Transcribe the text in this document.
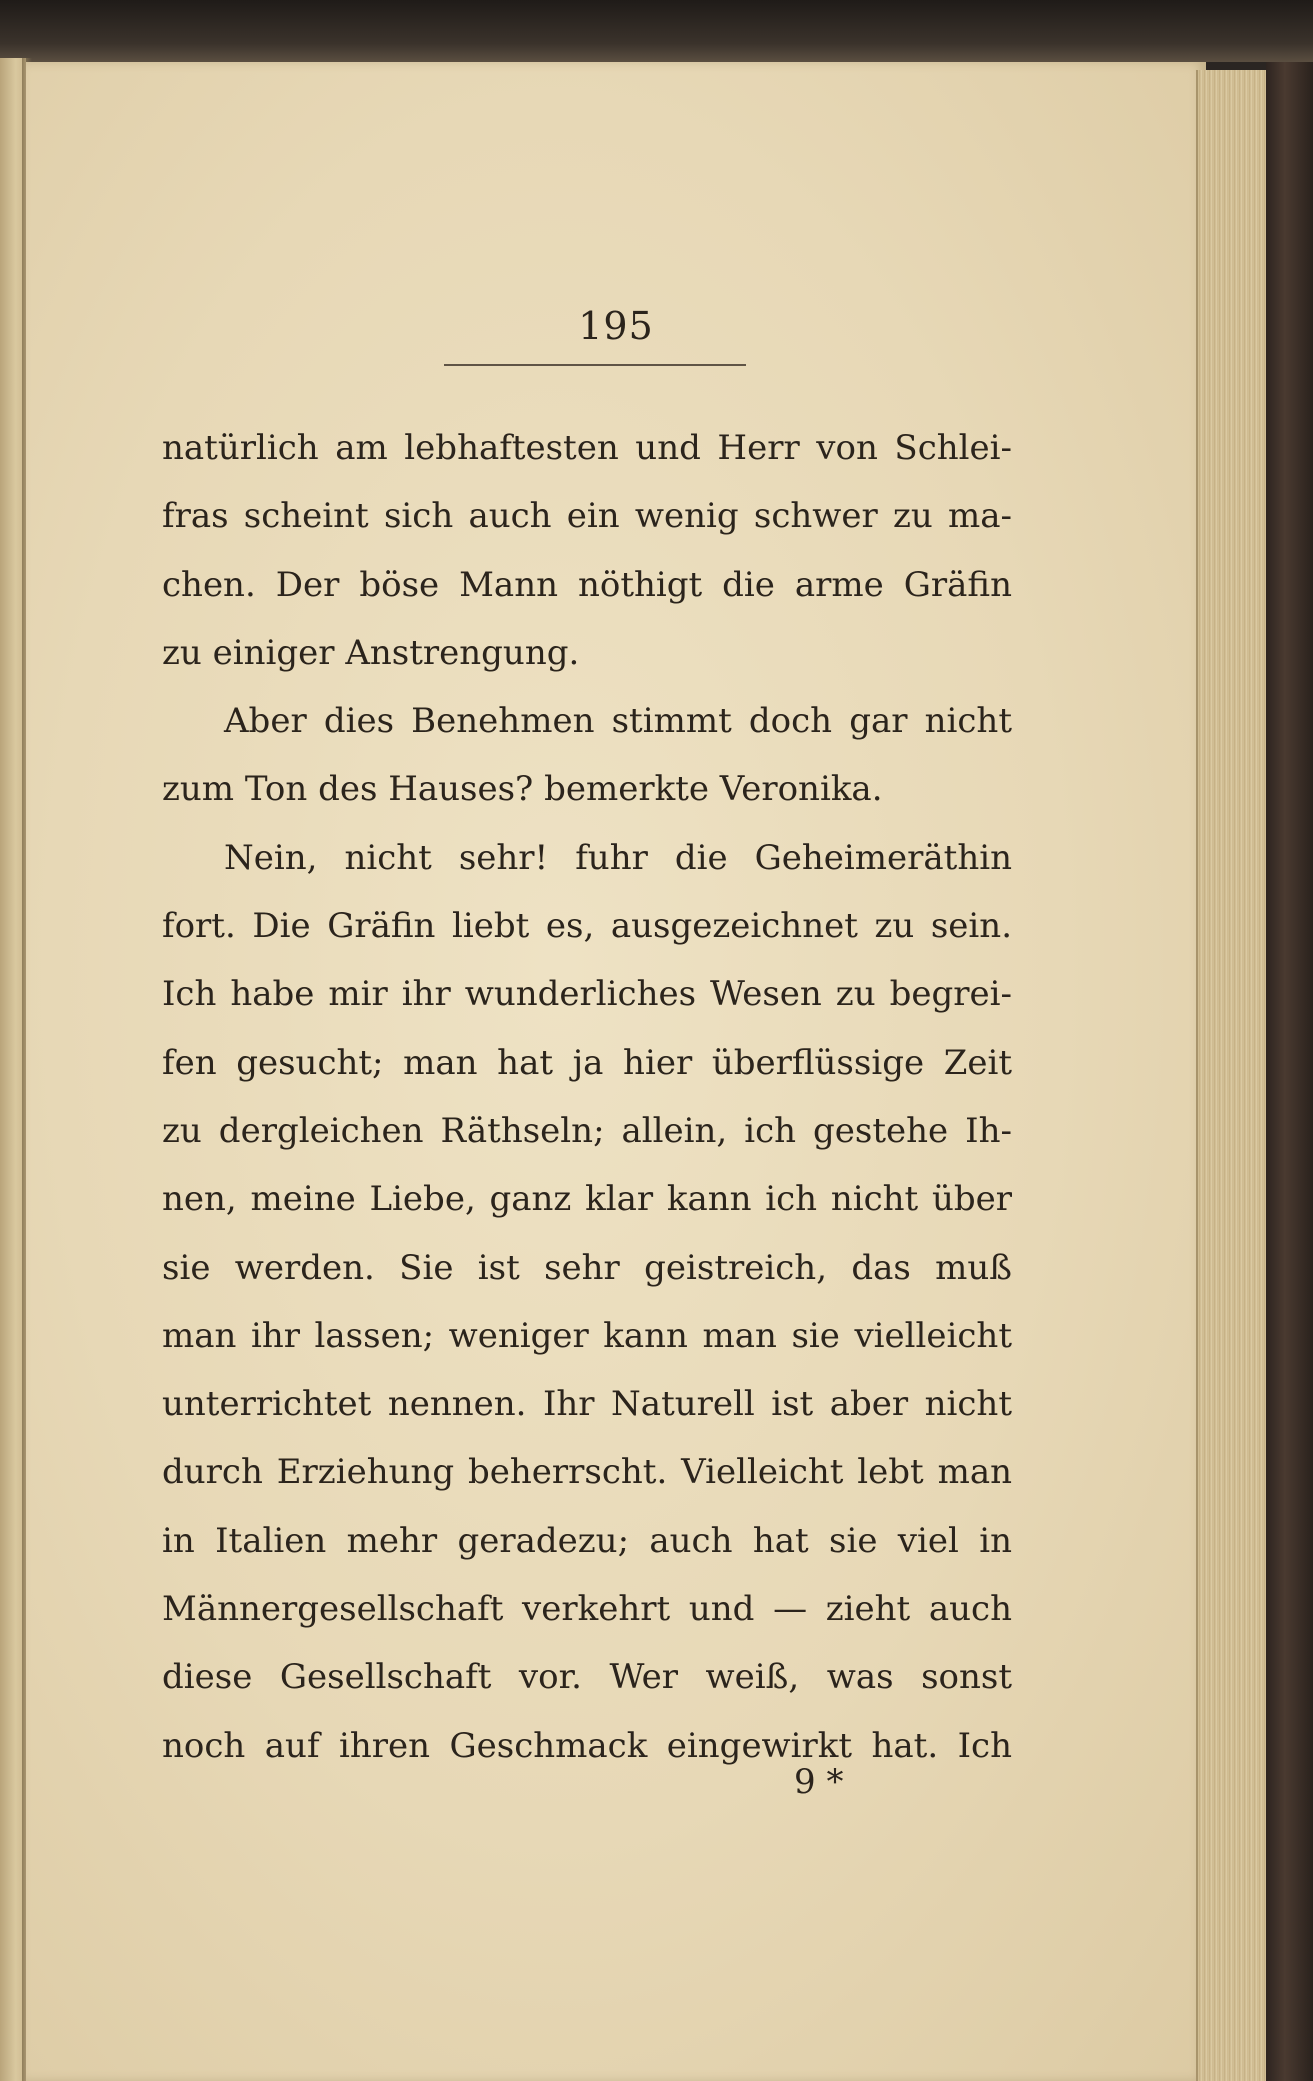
195
natürlich am lebhaftesten und Herr von Schlei-
fras scheint sich auch ein wenig schwer zu ma-
chen. Der böse Mann nöthigt die arme Gräfin
zu einiger Anstrengung.
Aber dies Benehmen stimmt doch gar nicht
zum Ton des Hauses? bemerkte Veronika.
Nein, nicht sehr! fuhr die Geheimeräthin
fort. Die Gräfin liebt es, ausgezeichnet zu sein.
Ich habe mir ihr wunderliches Wesen zu begrei-
fen gesucht; man hat ja hier überflüssige Zeit
zu dergleichen Räthseln; allein, ich gestehe Ih-
nen, meine Liebe, ganz klar kann ich nicht über
sie werden. Sie ist sehr geistreich, das muß
man ihr lassen; weniger kann man sie vielleicht
unterrichtet nennen. Ihr Naturell ist aber nicht
durch Erziehung beherrscht. Vielleicht lebt man
in Italien mehr geradezu; auch hat sie viel in
Männergesellschaft verkehrt und — zieht auch
diese Gesellschaft vor. Wer weiß, was sonst
noch auf ihren Geschmack eingewirkt hat. Ich
9 *
